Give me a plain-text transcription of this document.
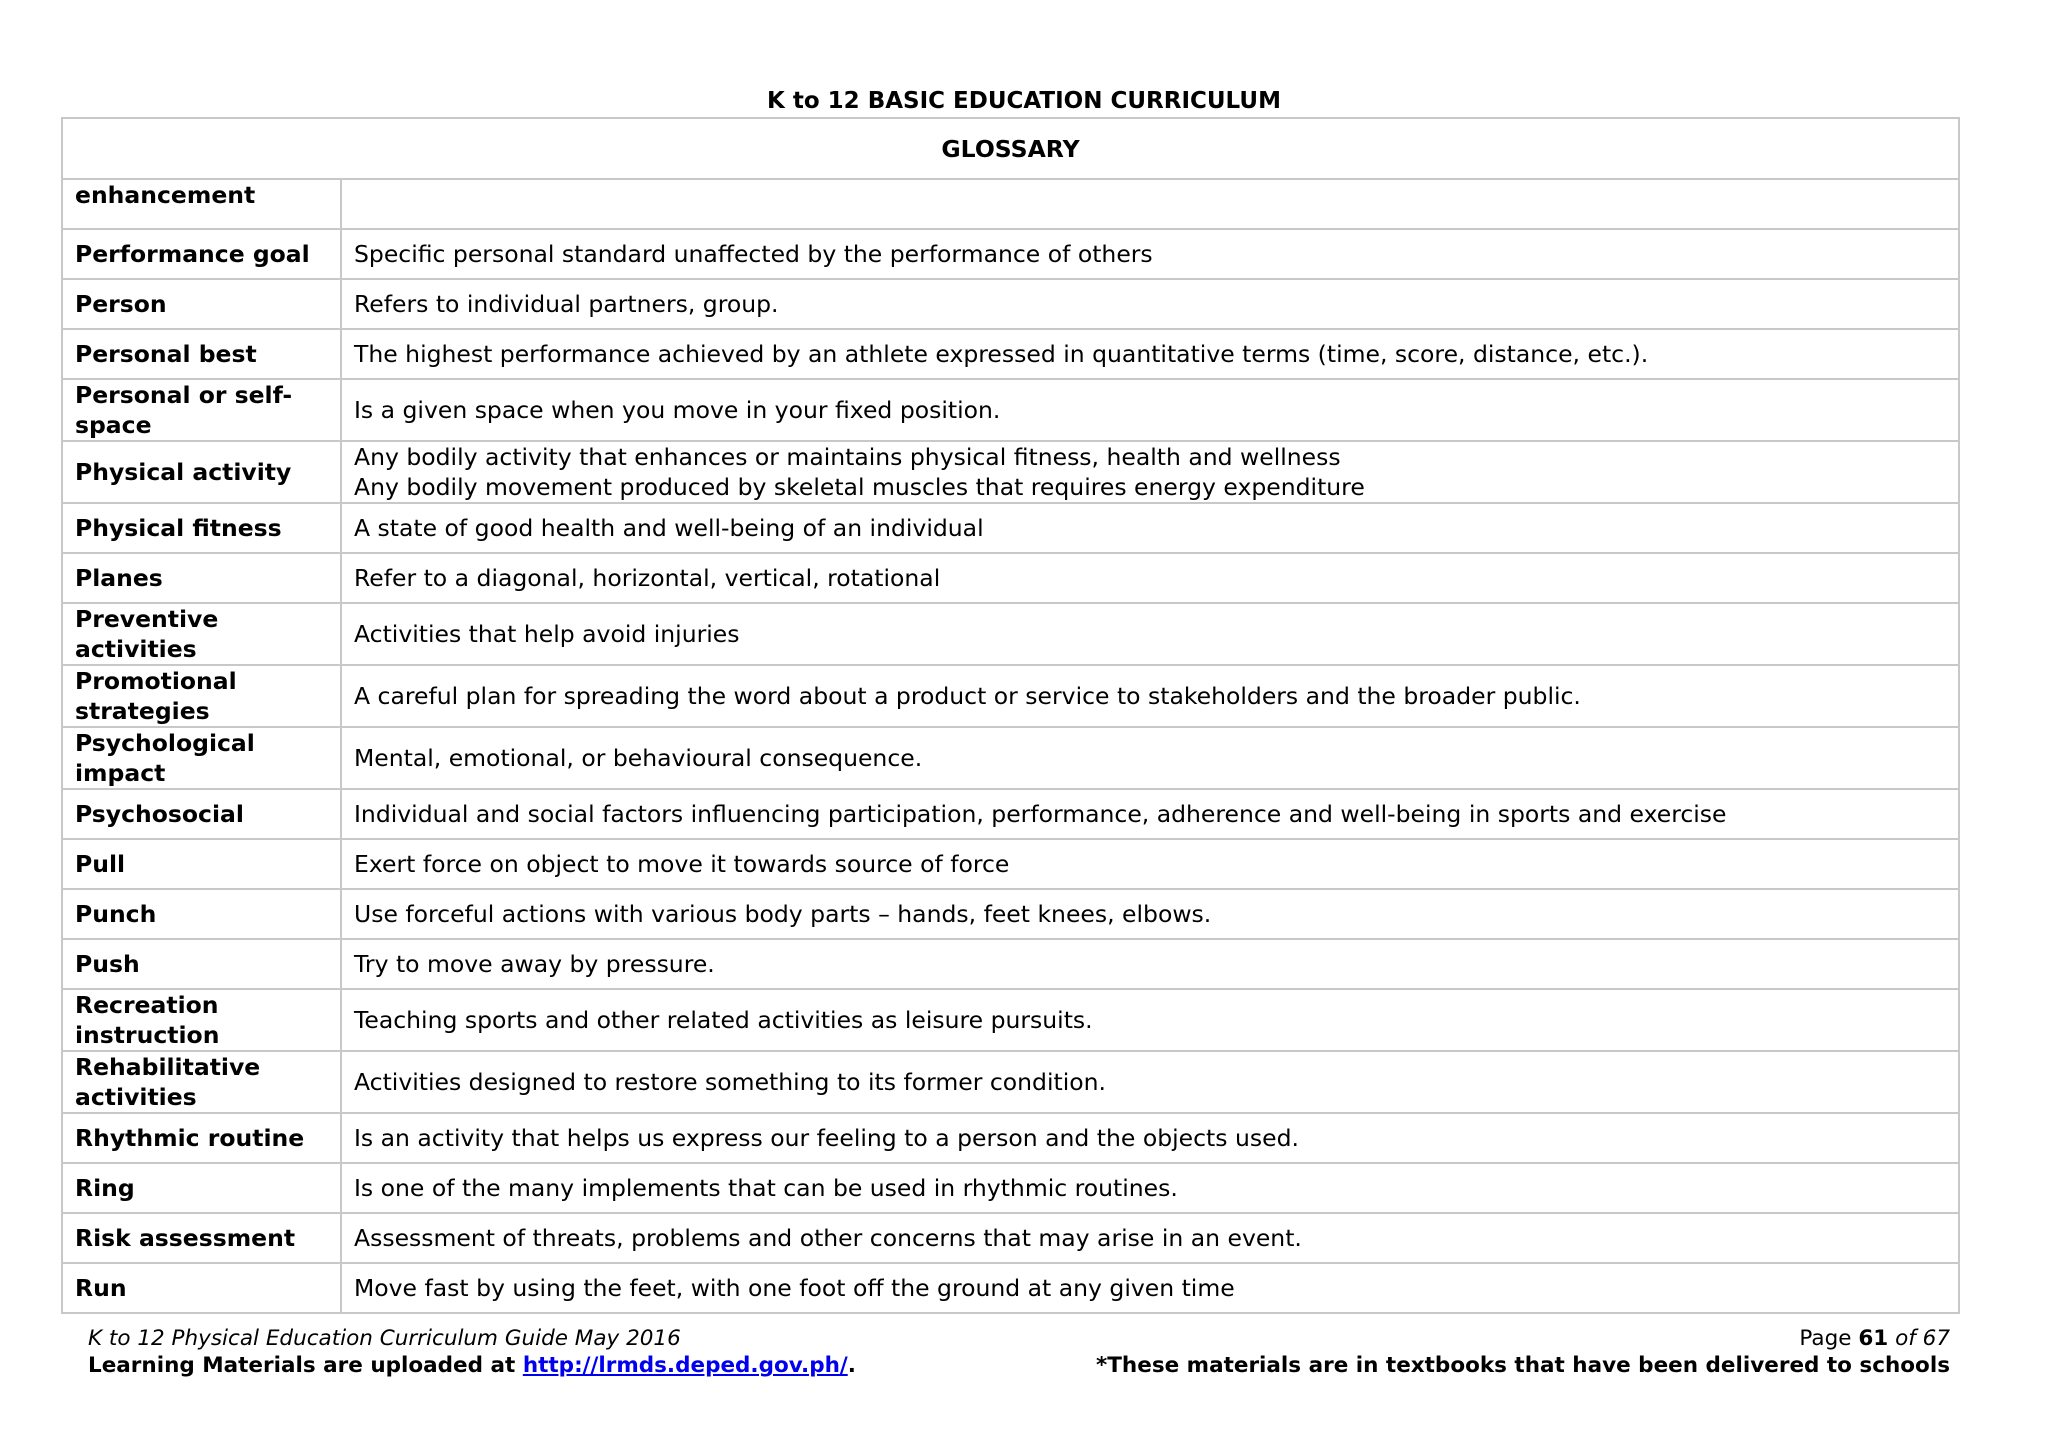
K to 12 BASIC EDUCATION CURRICULUM
GLOSSARY	
enhancement	
Performance goal	Specific personal standard unaffected by the performance of others
Person	Refers to individual partners, group.
Personal best	The highest performance achieved by an athlete expressed in quantitative terms (time, score, distance, etc.).
Personal or self-space	Is a given space when you move in your fixed position.
Physical activity	Any bodily activity that enhances or maintains physical fitness, health and wellness
Any bodily movement produced by skeletal muscles that requires energy expenditure

Physical fitness	A state of good health and well-being of an individual
Planes	Refer to a diagonal, horizontal, vertical, rotational
Preventive activities	Activities that help avoid injuries
Promotional strategies	A careful plan for spreading the word about a product or service to stakeholders and the broader public.
Psychological impact	Mental, emotional, or behavioural consequence.
Psychosocial	Individual and social factors influencing participation, performance, adherence and well-being in sports and exercise
Pull	Exert force on object to move it towards source of force
Punch	Use forceful actions with various body parts – hands, feet knees, elbows.
Push	Try to move away by pressure.
Recreation instruction	Teaching sports and other related activities as leisure pursuits.
Rehabilitative activities	Activities designed to restore something to its former condition.
Rhythmic routine	Is an activity that helps us express our feeling to a person and the objects used.
Ring	Is one of the many implements that can be used in rhythmic routines.
Risk assessment	Assessment of threats, problems and other concerns that may arise in an event.
Run	Move fast by using the feet, with one foot off the ground at any given time
K to 12 Physical Education Curriculum Guide May 2016	Page 61 of 67
Learning Materials are uploaded at http://lrmds.deped.gov.ph/.	*These materials are in textbooks that have been delivered to schools
